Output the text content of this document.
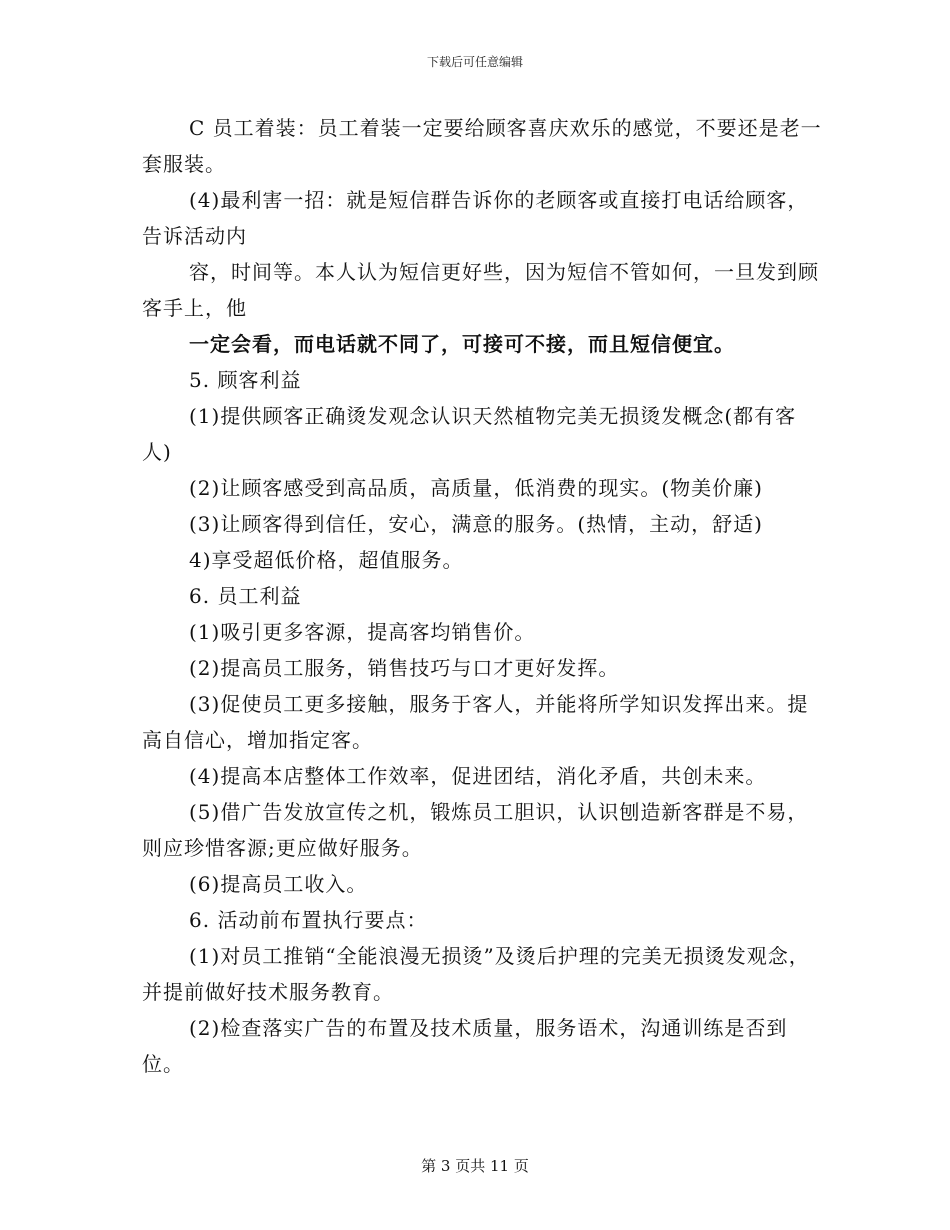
下载后可任意编辑

C 员工着装：员工着装一定要给顾客喜庆欢乐的感觉，不要还是老一套服装。

(4)最利害一招：就是短信群告诉你的老顾客或直接打电话给顾客，告诉活动内

容，时间等。本人认为短信更好些，因为短信不管如何，一旦发到顾客手上，他

一定会看，而电话就不同了，可接可不接，而且短信便宜。

5. 顾客利益

(1)提供顾客正确烫发观念认识天然植物完美无损烫发概念(都有客人)

(2)让顾客感受到高品质，高质量，低消费的现实。(物美价廉)

(3)让顾客得到信任，安心，满意的服务。(热情，主动，舒适)

4)享受超低价格，超值服务。

6. 员工利益

(1)吸引更多客源，提高客均销售价。

(2)提高员工服务，销售技巧与口才更好发挥。

(3)促使员工更多接触，服务于客人，并能将所学知识发挥出来。提高自信心，增加指定客。

(4)提高本店整体工作效率，促进团结，消化矛盾，共创未来。

(5)借广告发放宣传之机，锻炼员工胆识，认识刨造新客群是不易，则应珍惜客源;更应做好服务。

(6)提高员工收入。

6. 活动前布置执行要点：

(1)对员工推销“全能浪漫无损烫”及烫后护理的完美无损烫发观念，并提前做好技术服务教育。

(2)检查落实广告的布置及技术质量，服务语术，沟通训练是否到位。

第 3 页共 11 页
